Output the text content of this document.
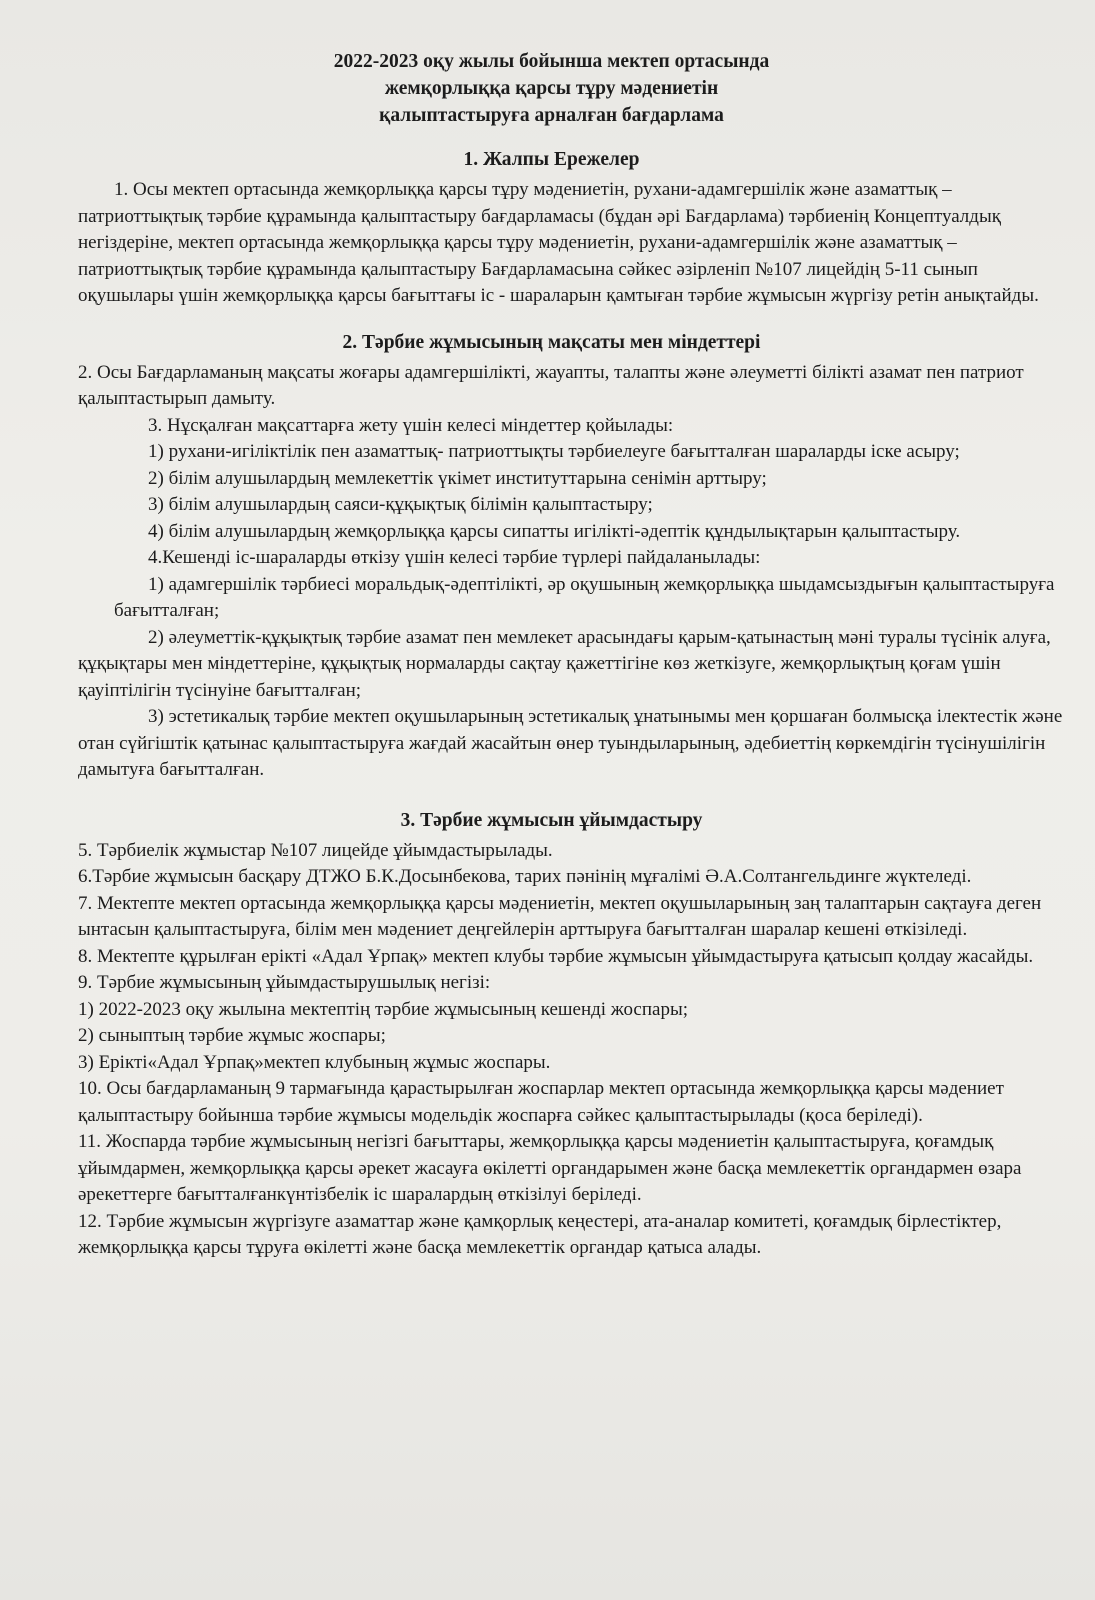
2022-2023 оқу жылы бойынша мектеп ортасында
жемқорлыққа қарсы тұру мәдениетін
қалыптастыруға арналған бағдарлама
1. Жалпы Ережелер

1. Осы мектеп ортасында жемқорлыққа қарсы тұру мәдениетін, рухани-адамгершілік және азаматтық –патриоттықтық тәрбие құрамында қалыптастыру бағдарламасы (бұдан әрі Бағдарлама) тәрбиенің Концептуалдық негіздеріне, мектеп ортасында жемқорлыққа қарсы тұру мәдениетін, рухани-адамгершілік және азаматтық –патриоттықтық тәрбие құрамында қалыптастыру Бағдарламасына сәйкес әзірленіп №107 лицейдің 5-11 сынып оқушылары үшін жемқорлыққа қарсы бағыттағы іс - шараларын қамтыған тәрбие жұмысын жүргізу ретін анықтайды.

2. Тәрбие жұмысының мақсаты мен міндеттері

2. Осы Бағдарламаның мақсаты жоғары адамгершілікті, жауапты, талапты және әлеуметті білікті азамат пен патриот қалыптастырып дамыту.

3. Нұсқалған мақсаттарға жету үшін келесі міндеттер қойылады:

1) рухани-игіліктілік пен азаматтық- патриоттықты тәрбиелеуге бағытталған шараларды іске асыру;

2) білім алушылардың мемлекеттік үкімет институттарына сенімін арттыру;

3) білім алушылардың саяси-құқықтық білімін қалыптастыру;

4) білім алушылардың жемқорлыққа қарсы сипатты игілікті-әдептік құндылықтарын қалыптастыру.

4.Кешенді іс-шараларды өткізу үшін келесі тәрбие түрлері пайдаланылады:

1) адамгершілік тәрбиесі моральдық-әдептілікті, әр оқушының жемқорлыққа шыдамсыздығын қалыптастыруға бағытталған;

2) әлеуметтік-құқықтық тәрбие азамат пен мемлекет арасындағы қарым-қатынастың мәні туралы түсінік алуға, құқықтары мен міндеттеріне, құқықтық нормаларды сақтау қажеттігіне көз жеткізуге, жемқорлықтың қоғам үшін қауіптілігін түсінуіне бағытталған;

3) эстетикалық тәрбие мектеп оқушыларының эстетикалық ұнатынымы мен қоршаған болмысқа ілектестік және отан сүйгіштік қатынас қалыптастыруға жағдай жасайтын өнер туындыларының, әдебиеттің көркемдігін түсінушілігін дамытуға бағытталған.

3. Тәрбие жұмысын ұйымдастыру

5. Тәрбиелік жұмыстар №107 лицейде ұйымдастырылады.

6.Тәрбие жұмысын басқару ДТЖО Б.К.Досынбекова, тарих пәнінің мұғалімі Ә.А.Солтангельдинге жүктеледі.

7. Мектепте мектеп ортасында жемқорлыққа қарсы мәдениетін, мектеп оқушыларының заң талаптарын сақтауға деген ынтасын қалыптастыруға, білім мен мәдениет деңгейлерін арттыруға бағытталған шаралар кешені өткізіледі.

8. Мектепте құрылған ерікті «Адал Ұрпақ» мектеп клубы тәрбие жұмысын ұйымдастыруға қатысып қолдау жасайды.

9. Тәрбие жұмысының ұйымдастырушылық негізі:

1) 2022-2023 оқу жылына мектептің тәрбие жұмысының кешенді жоспары;

2) сыныптың тәрбие жұмыс жоспары;

3) Ерікті«Адал Ұрпақ»мектеп клубының жұмыс жоспары.

10. Осы бағдарламаның 9 тармағында қарастырылған жоспарлар мектеп ортасында жемқорлыққа қарсы мәдениет қалыптастыру бойынша тәрбие жұмысы модельдік жоспарға сәйкес қалыптастырылады (қоса беріледі).

11. Жоспарда тәрбие жұмысының негізгі бағыттары, жемқорлыққа қарсы мәдениетін қалыптастыруға, қоғамдық ұйымдармен, жемқорлыққа қарсы әрекет жасауға өкілетті органдарымен және басқа мемлекеттік органдармен өзара әрекеттерге бағытталғанкүнтізбелік іс шаралардың өткізілуі беріледі.

12. Тәрбие жұмысын жүргізуге азаматтар және қамқорлық кеңестері, ата-аналар комитеті, қоғамдық бірлестіктер, жемқорлыққа қарсы тұруға өкілетті және басқа мемлекеттік органдар қатыса алады.
